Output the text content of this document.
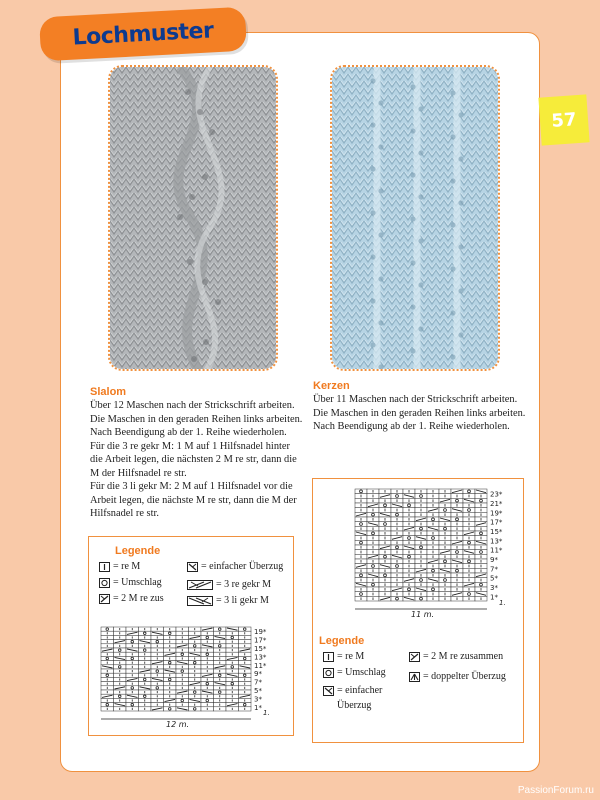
Lochmuster
57
Slalom

Über 12 Maschen nach der Strickschrift arbeiten.

Die Maschen in den geraden Reihen links arbeiten.

Nach Beendigung ab der 1. Reihe wiederholen.

Für die 3 re gekr M: 1 M auf 1 Hilfsnadel hinter

die Arbeit legen, die nächsten 2 M re str, dann die

M der Hilfsnadel re str.

Für die 3 li gekr M: 2 M auf 1 Hilfsnadel vor die

Arbeit legen, die nächste M re str, dann die M der

Hilfsnadel re str.

Kerzen

Über 11 Maschen nach der Strickschrift arbeiten.

Die Maschen in den geraden Reihen links arbeiten.

Nach Beendigung ab der 1. Reihe wiederholen.

Legende
= re M
= Umschlag
= 2 M re zus
= einfacher Überzug
= 3 re gekr M
= 3 li gekr M
19*
17*
15*
13*
11*
9*
7*
5*
3*
1*
1.
12 m.
23*
21*
19*
17*
15*
13*
11*
9*
7*
5*
3*
1*
1.
11 m.
Legende
= re M
= Umschlag
= einfacher
Überzug
= 2 M re zusammen
= doppelter Überzug
PassionForum.ru
